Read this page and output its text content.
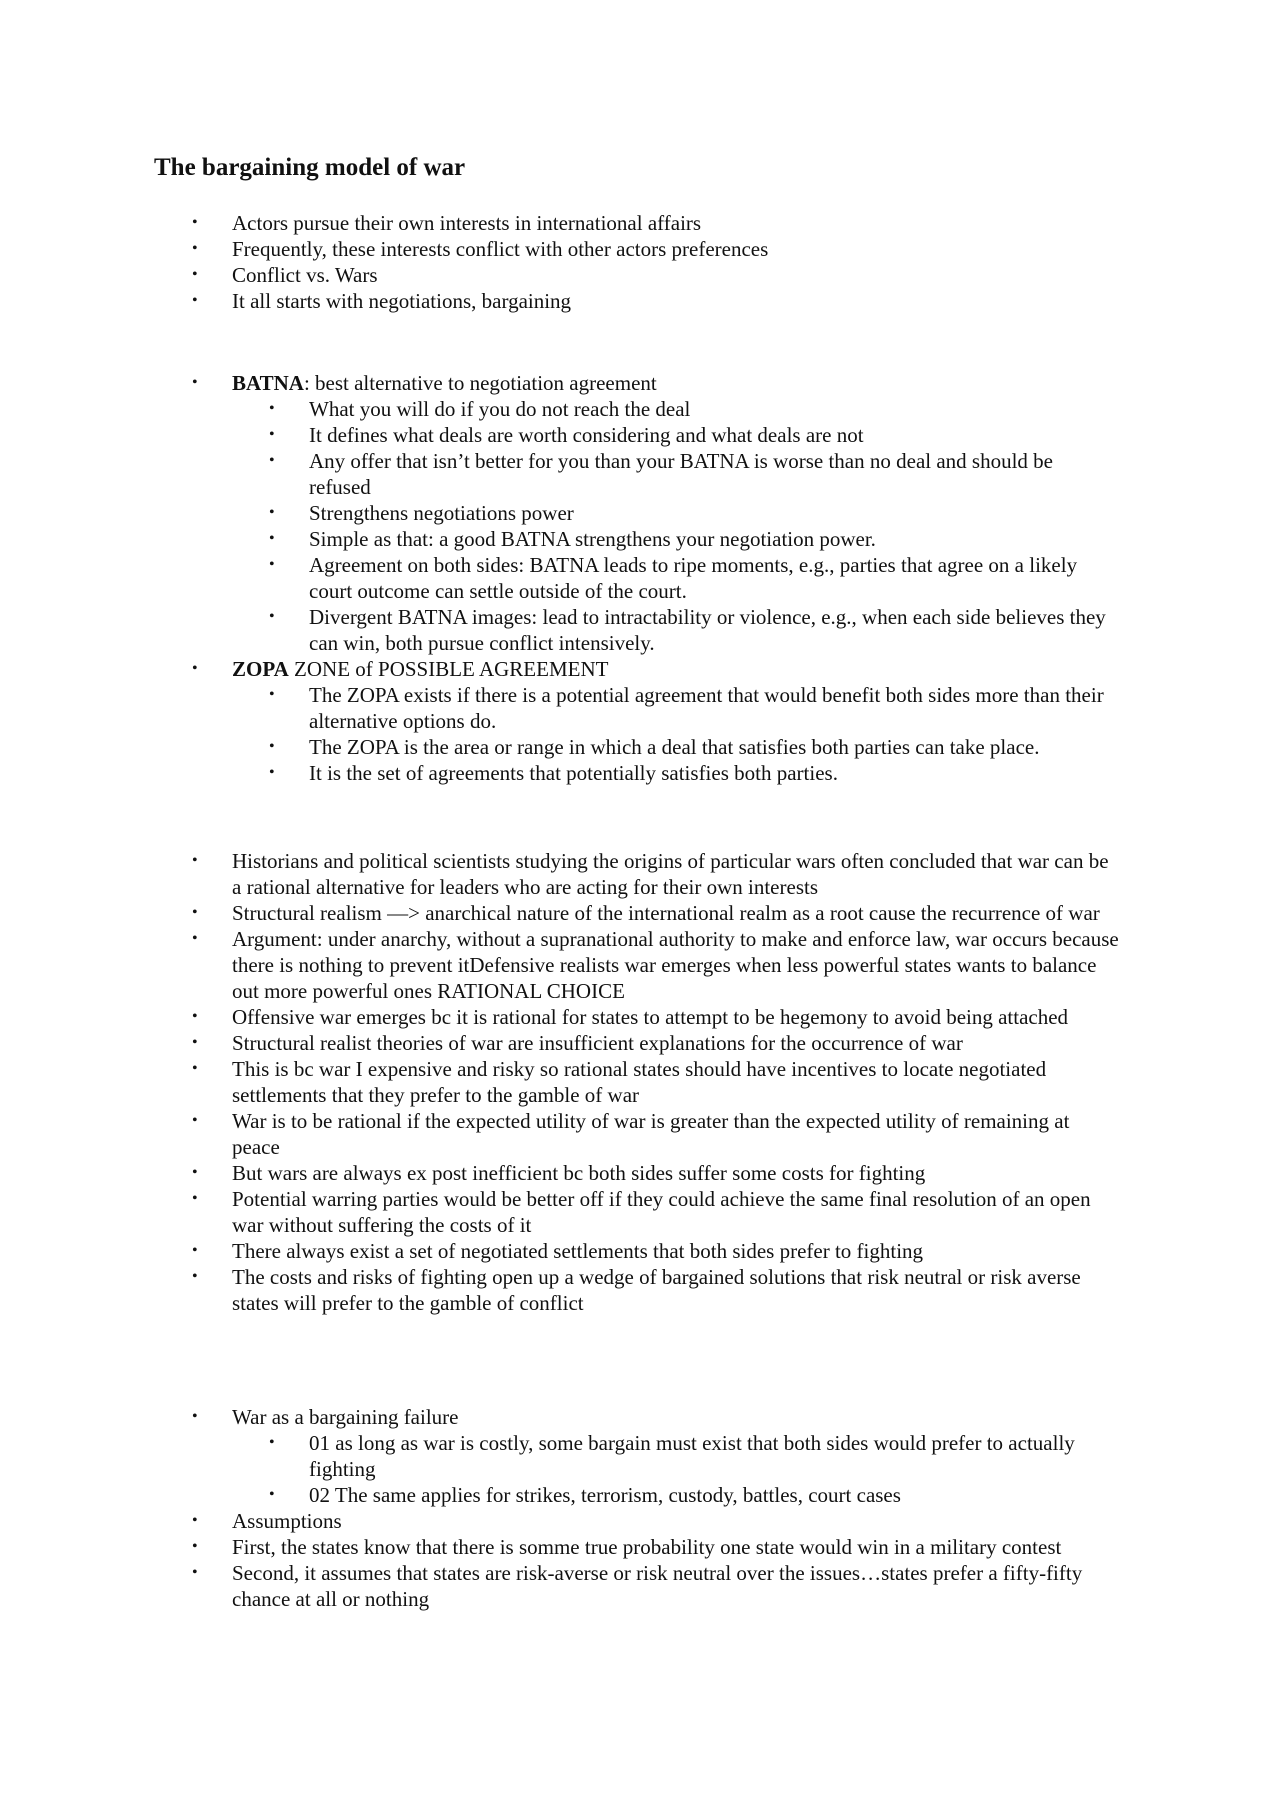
The bargaining model of war
• Actors pursue their own interests in international affairs
• Frequently, these interests conflict with other actors preferences
• Conflict vs. Wars
• It all starts with negotiations, bargaining
• BATNA: best alternative to negotiation agreement
• What you will do if you do not reach the deal
• It defines what deals are worth considering and what deals are not
• Any offer that isn’t better for you than your BATNA is worse than no deal and should be refused
• Strengthens negotiations power
• Simple as that: a good BATNA strengthens your negotiation power.
• Agreement on both sides: BATNA leads to ripe moments, e.g., parties that agree on a likely court outcome can settle outside of the court.
• Divergent BATNA images: lead to intractability or violence, e.g., when each side believes they can win, both pursue conflict intensively.
• ZOPA ZONE of POSSIBLE AGREEMENT
• The ZOPA exists if there is a potential agreement that would benefit both sides more than their alternative options do.
• The ZOPA is the area or range in which a deal that satisfies both parties can take place.
• It is the set of agreements that potentially satisfies both parties.
• Historians and political scientists studying the origins of particular wars often concluded that war can be a rational alternative for leaders who are acting for their own interests
• Structural realism —> anarchical nature of the international realm as a root cause the recurrence of war
• Argument: under anarchy, without a supranational authority to make and enforce law, war occurs because there is nothing to prevent itDefensive realists war emerges when less powerful states wants to balance out more powerful ones RATIONAL CHOICE
• Offensive war emerges bc it is rational for states to attempt to be hegemony to avoid being attached
• Structural realist theories of war are insufficient explanations for the occurrence of war
• This is bc war I expensive and risky so rational states should have incentives to locate negotiated settlements that they prefer to the gamble of war
• War is to be rational if the expected utility of war is greater than the expected utility of remaining at peace
• But wars are always ex post inefficient bc both sides suffer some costs for fighting
• Potential warring parties would be better off if they could achieve the same final resolution of an open war without suffering the costs of it
• There always exist a set of negotiated settlements that both sides prefer to fighting
• The costs and risks of fighting open up a wedge of bargained solutions that risk neutral or risk averse states will prefer to the gamble of conflict
• War as a bargaining failure
• 01 as long as war is costly, some bargain must exist that both sides would prefer to actually fighting
• 02 The same applies for strikes, terrorism, custody, battles, court cases
• Assumptions
• First, the states know that there is somme true probability one state would win in a military contest
• Second, it assumes that states are risk-averse or risk neutral over the issues…states prefer a fifty-fifty chance at all or nothing
